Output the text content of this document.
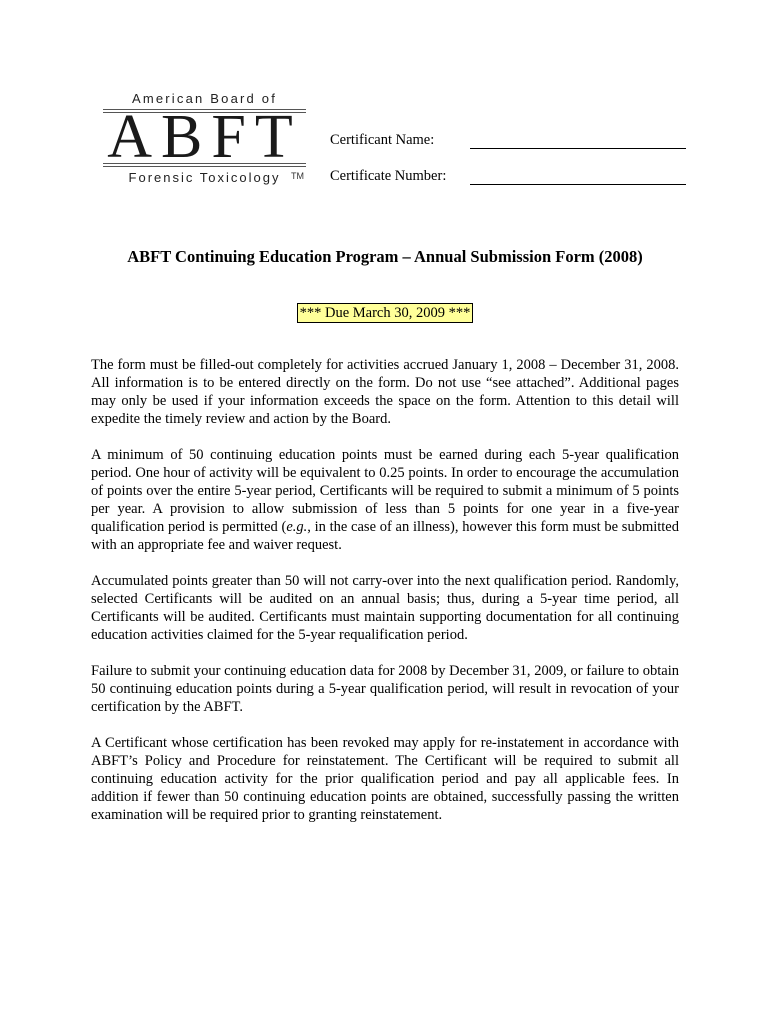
American Board of
ABFT
Forensic Toxicology	TM
Certificant Name:
Certificate Number:
ABFT Continuing Education Program – Annual Submission Form (2008)
*** Due March 30, 2009 ***

The form must be filled-out completely for activities accrued January 1, 2008 – December 31, 2008. All information is to be entered directly on the form. Do not use “see attached”. Additional pages may only be used if your information exceeds the space on the form. Attention to this detail will expedite the timely review and action by the Board.

A minimum of 50 continuing education points must be earned during each 5-year qualification period. One hour of activity will be equivalent to 0.25 points. In order to encourage the accumulation of points over the entire 5-year period, Certificants will be required to submit a minimum of 5 points per year. A provision to allow submission of less than 5 points for one year in a five-year qualification period is permitted (e.g., in the case of an illness), however this form must be submitted with an appropriate fee and waiver request.

Accumulated points greater than 50 will not carry-over into the next qualification period. Randomly, selected Certificants will be audited on an annual basis; thus, during a 5-year time period, all Certificants will be audited. Certificants must maintain supporting documentation for all continuing education activities claimed for the 5-year requalification period.

Failure to submit your continuing education data for 2008 by December 31, 2009, or failure to obtain 50 continuing education points during a 5-year qualification period, will result in revocation of your certification by the ABFT.

A Certificant whose certification has been revoked may apply for re-instatement in accordance with ABFT’s Policy and Procedure for reinstatement. The Certificant will be required to submit all continuing education activity for the prior qualification period and pay all applicable fees. In addition if fewer than 50 continuing education points are obtained, successfully passing the written examination will be required prior to granting reinstatement.
